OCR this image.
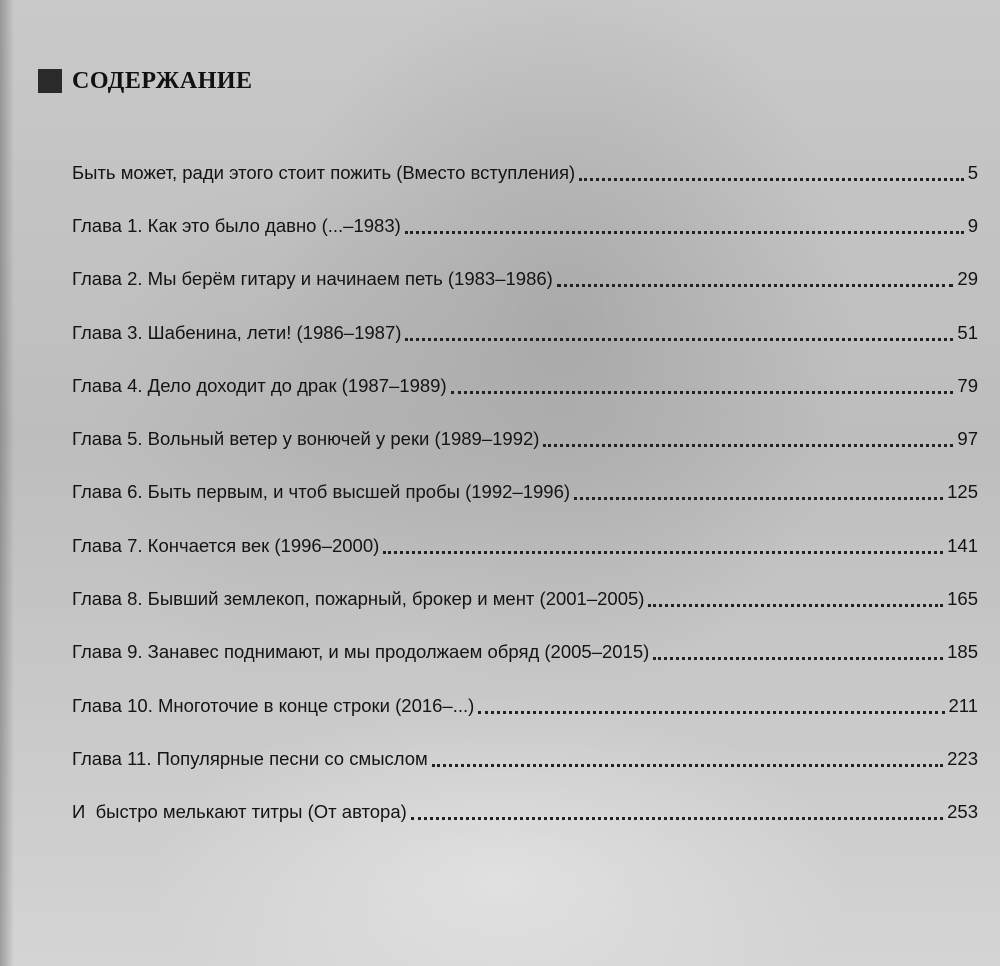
СОДЕРЖАНИЕ
Быть может, ради этого стоит пожить (Вместо вступления)	5
Глава 1. Как это было давно (...–1983)	9
Глава 2. Мы берём гитару и начинаем петь (1983–1986)	29
Глава 3. Шабенина, лети! (1986–1987)	51
Глава 4. Дело доходит до драк (1987–1989)	79
Глава 5. Вольный ветер у вонючей у реки (1989–1992)	97
Глава 6. Быть первым, и чтоб высшей пробы (1992–1996)	125
Глава 7. Кончается век (1996–2000)	141
Глава 8. Бывший землекоп, пожарный, брокер и мент (2001–2005)	165
Глава 9. Занавес поднимают, и мы продолжаем обряд (2005–2015)	185
Глава 10. Многоточие в конце строки (2016–...)	211
Глава 11. Популярные песни со смыслом	223
И  быстро мелькают титры (От автора)	253
